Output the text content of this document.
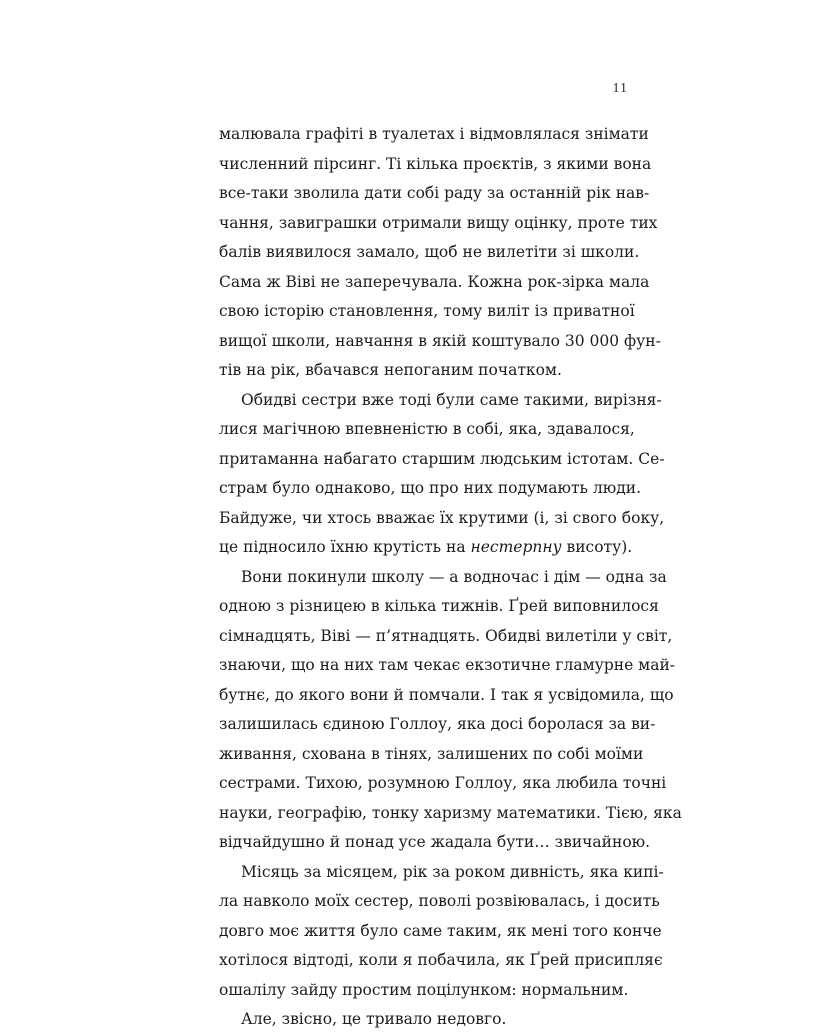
11
малювала графіті в туалетах і відмовлялася знімати
численний пірсинг. Ті кілька проєктів, з якими вона
все-таки зволила дати собі раду за останній рік нав-
чання, завиграшки отримали вищу оцінку, проте тих
балів виявилося замало, щоб не вилетіти зі школи.
Сама ж Віві не заперечувала. Кожна рок-зірка мала
свою історію становлення, тому виліт із приватної
вищої школи, навчання в якій коштувало 30 000 фун-
тів на рік, вбачався непоганим початком.
Обидві сестри вже тоді були саме такими, вирізня-
лися магічною впевненістю в собі, яка, здавалося,
притаманна набагато старшим людським істотам. Се-
страм було однаково, що про них подумають люди.
Байдуже, чи хтось вважає їх крутими (і, зі свого боку,
це підносило їхню крутість на нестерпну висоту).
Вони покинули школу — а водночас і дім — одна за
одною з різницею в кілька тижнів. Ґрей виповнилося
сімнадцять, Віві — п’ятнадцять. Обидві вилетіли у світ,
знаючи, що на них там чекає екзотичне гламурне май-
бутнє, до якого вони й помчали. І так я усвідомила, що
залишилась єдиною Голлоу, яка досі боролася за ви-
живання, схована в тінях, залишених по собі моїми
сестрами. Тихою, розумною Голлоу, яка любила точні
науки, географію, тонку харизму математики. Тією, яка
відчайдушно й понад усе жадала бути… звичайною.
Місяць за місяцем, рік за роком дивність, яка кипі-
ла навколо моїх сестер, поволі розвіювалась, і досить
довго моє життя було саме таким, як мені того конче
хотілося відтоді, коли я побачила, як Ґрей присипляє
ошалілу зайду простим поцілунком: нормальним.
Але, звісно, це тривало недовго.
